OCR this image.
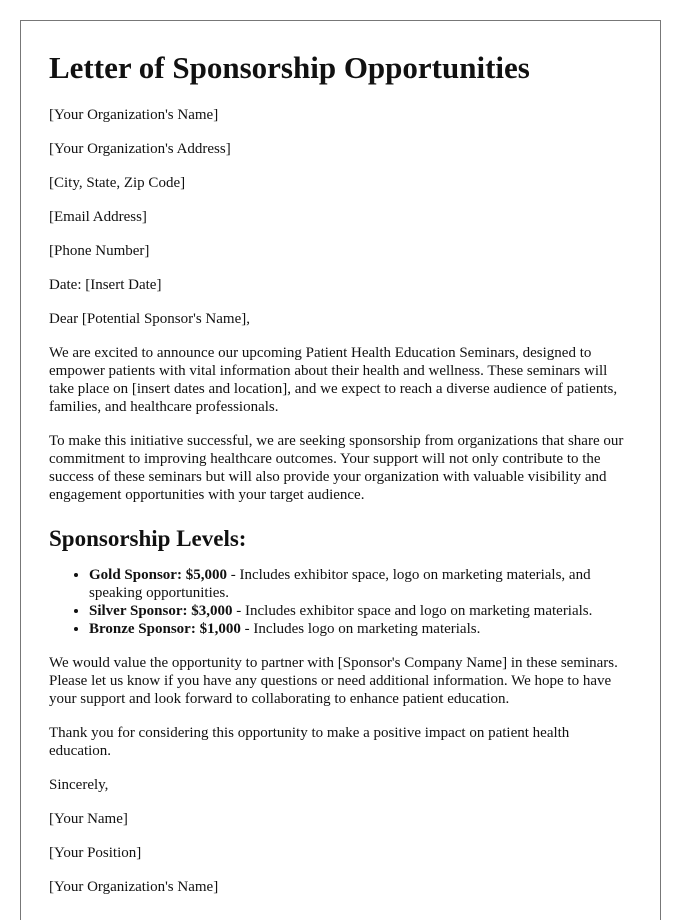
Letter of Sponsorship Opportunities

[Your Organization's Name]

[Your Organization's Address]

[City, State, Zip Code]

[Email Address]

[Phone Number]

Date: [Insert Date]

Dear [Potential Sponsor's Name],

We are excited to announce our upcoming Patient Health Education Seminars, designed to empower patients with vital information about their health and wellness. These seminars will take place on [insert dates and location], and we expect to reach a diverse audience of patients, families, and healthcare professionals.

To make this initiative successful, we are seeking sponsorship from organizations that share our commitment to improving healthcare outcomes. Your support will not only contribute to the success of these seminars but will also provide your organization with valuable visibility and engagement opportunities with your target audience.

Sponsorship Levels:
• Gold Sponsor: $5,000 - Includes exhibitor space, logo on marketing materials, and speaking opportunities.
• Silver Sponsor: $3,000 - Includes exhibitor space and logo on marketing materials.
• Bronze Sponsor: $1,000 - Includes logo on marketing materials.

We would value the opportunity to partner with [Sponsor's Company Name] in these seminars. Please let us know if you have any questions or need additional information. We hope to have your support and look forward to collaborating to enhance patient education.

Thank you for considering this opportunity to make a positive impact on patient health education.

Sincerely,

[Your Name]

[Your Position]

[Your Organization's Name]
